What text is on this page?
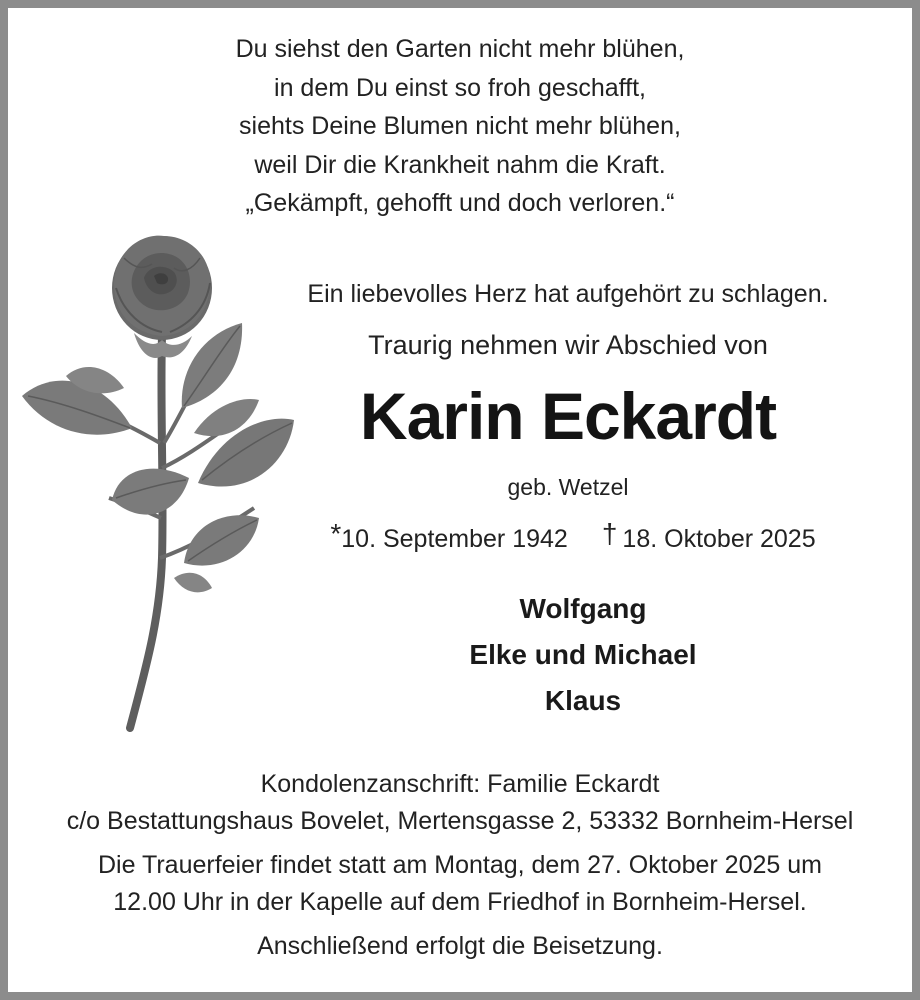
Du siehst den Garten nicht mehr blühen,
in dem Du einst so froh geschafft,
siehts Deine Blumen nicht mehr blühen,
weil Dir die Krankheit nahm die Kraft.
„Gekämpft, gehofft und doch verloren.“
Ein liebevolles Herz hat aufgehört zu schlagen.
Traurig nehmen wir Abschied von
Karin Eckardt
geb. Wetzel
*10. September 1942 †  18. Oktober 2025
Wolfgang
Elke und Michael
Klaus
Kondolenzanschrift: Familie Eckardt
c/o Bestattungshaus Bovelet, Mertensgasse 2, 53332 Bornheim-Hersel
Die Trauerfeier findet statt am Montag, dem 27. Oktober 2025 um
12.00 Uhr in der Kapelle auf dem Friedhof in Bornheim-Hersel.
Anschließend erfolgt die Beisetzung.
